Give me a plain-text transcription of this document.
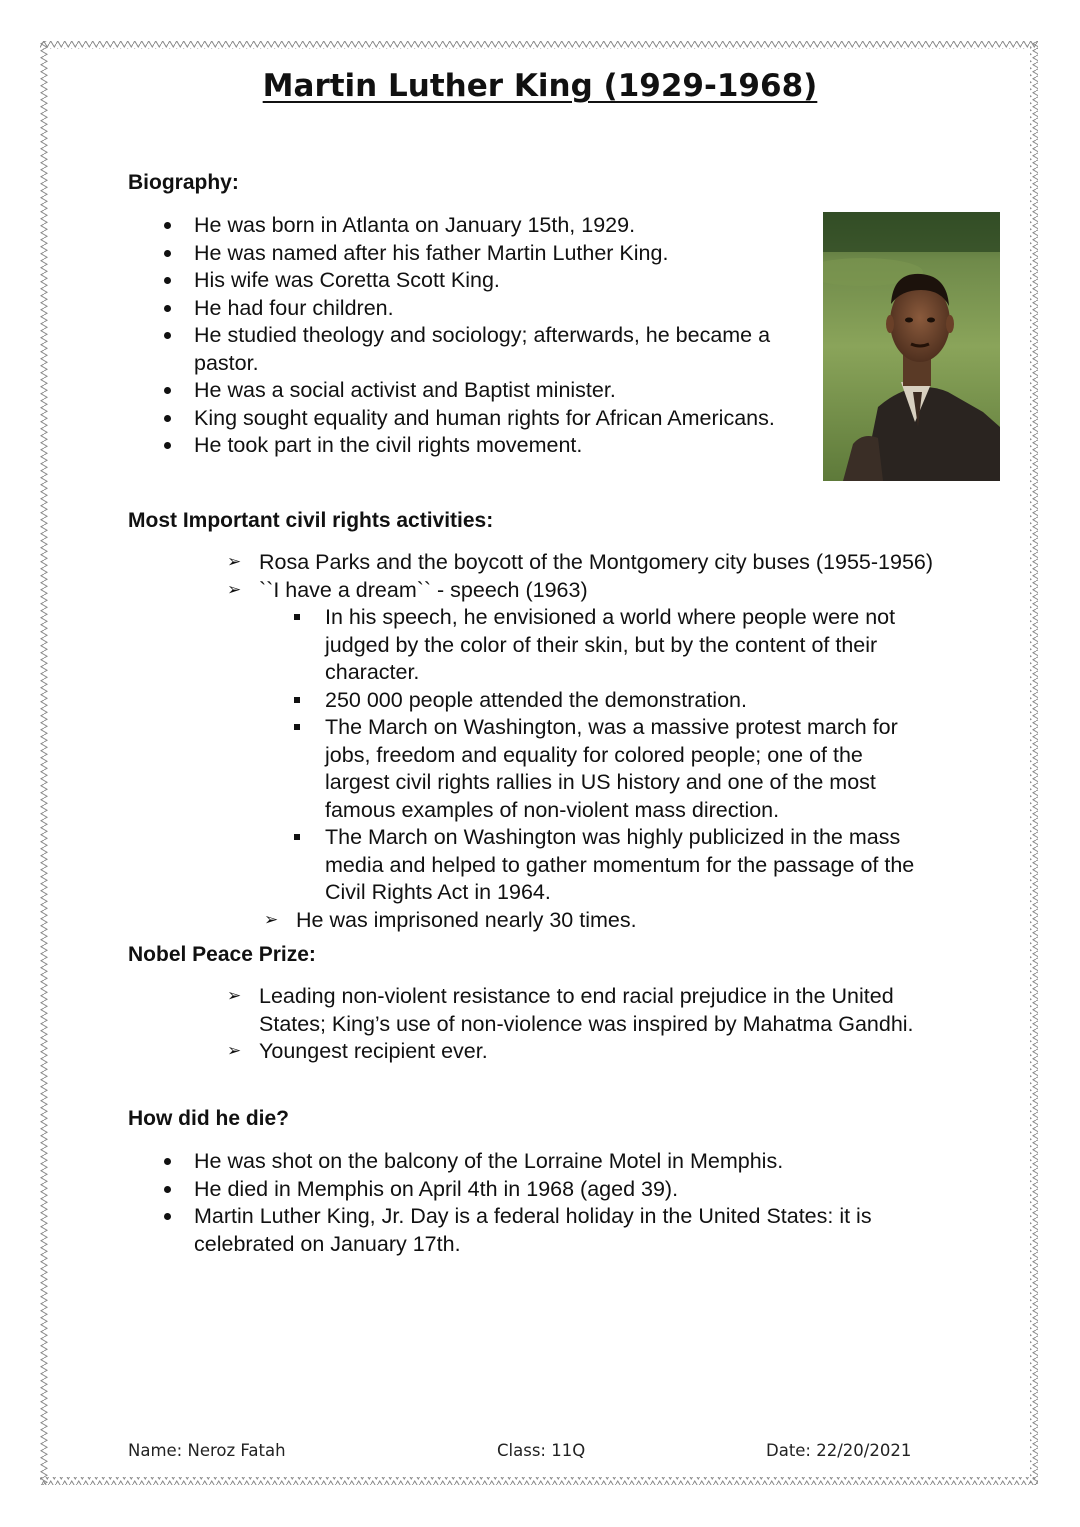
Martin Luther King (1929-1968)
Biography:
He was born in Atlanta on January 15th, 1929.
He was named after his father Martin Luther King.
His wife was Coretta Scott King.
He had four children.
He studied theology and sociology; afterwards, he became a pastor.
He was a social activist and Baptist minister.
King sought equality and human rights for African Americans.
He took part in the civil rights movement.
Most Important civil rights activities:
➢ Rosa Parks and the boycott of the Montgomery city buses (1955-1956)
➢ ``I have a dream`` - speech (1963)
In his speech, he envisioned a world where people were not judged by the color of their skin, but by the content of their character.
250 000 people attended the demonstration.
The March on Washington, was a massive protest march for jobs, freedom and equality for colored people; one of the largest civil rights rallies in US history and one of the most famous examples of non-violent mass direction.
The March on Washington was highly publicized in the mass media and helped to gather momentum for the passage of the Civil Rights Act in 1964.
➢ He was imprisoned nearly 30 times.
Nobel Peace Prize:
➢ Leading non-violent resistance to end racial prejudice in the United States; King’s use of non-violence was inspired by Mahatma Gandhi.
➢ Youngest recipient ever.
How did he die?
He was shot on the balcony of the Lorraine Motel in Memphis.
He died in Memphis on April 4th in 1968 (aged 39).
Martin Luther King, Jr. Day is a federal holiday in the United States: it is celebrated on January 17th.
Name: Neroz Fatah	Class: 11Q	Date: 22/20/2021
